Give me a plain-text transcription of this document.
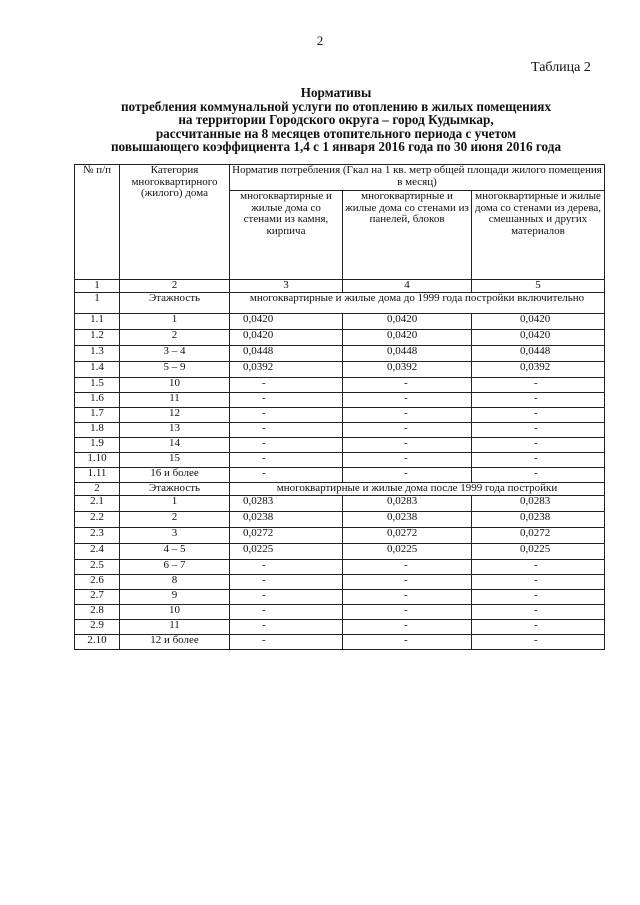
2
Таблица 2
Нормативы
потребления коммунальной услуги по отоплению в жилых помещениях
на территории Городского округа – город Кудымкар,
рассчитанные на 8 месяцев отопительного периода с учетом
повышающего коэффициента 1,4 с 1 января 2016 года по 30 июня 2016 года
№ п/п	Категория многоквартирного (жилого) дома	Норматив потребления (Гкал на 1 кв. метр общей площади жилого помещения в месяц)		
		многоквартирные и жилые дома со стенами из камня, кирпича	многоквартирные и жилые дома со стенами из панелей, блоков	многоквартирные и жилые дома со стенами из дерева, смешанных и других материалов
1	2	3	4	5
1	Этажность	многоквартирные и жилые дома до 1999 года постройки включительно		
1.1	1	0,0420	0,0420	0,0420
1.2	2	0,0420	0,0420	0,0420
1.3	3 – 4	0,0448	0,0448	0,0448
1.4	5 – 9	0,0392	0,0392	0,0392
1.5	10	-	-	-
1.6	11	-	-	-
1.7	12	-	-	-
1.8	13	-	-	-
1.9	14	-	-	-
1.10	15	-	-	-
1.11	16 и более	-	-	-
2	Этажность	многоквартирные и жилые дома после 1999 года постройки		
2.1	1	0,0283	0,0283	0,0283
2.2	2	0,0238	0,0238	0,0238
2.3	3	0,0272	0,0272	0,0272
2.4	4 – 5	0,0225	0,0225	0,0225
2.5	6 – 7	-	-	-
2.6	8	-	-	-
2.7	9	-	-	-
2.8	10	-	-	-
2.9	11	-	-	-
2.10	12 и более	-	-	-
